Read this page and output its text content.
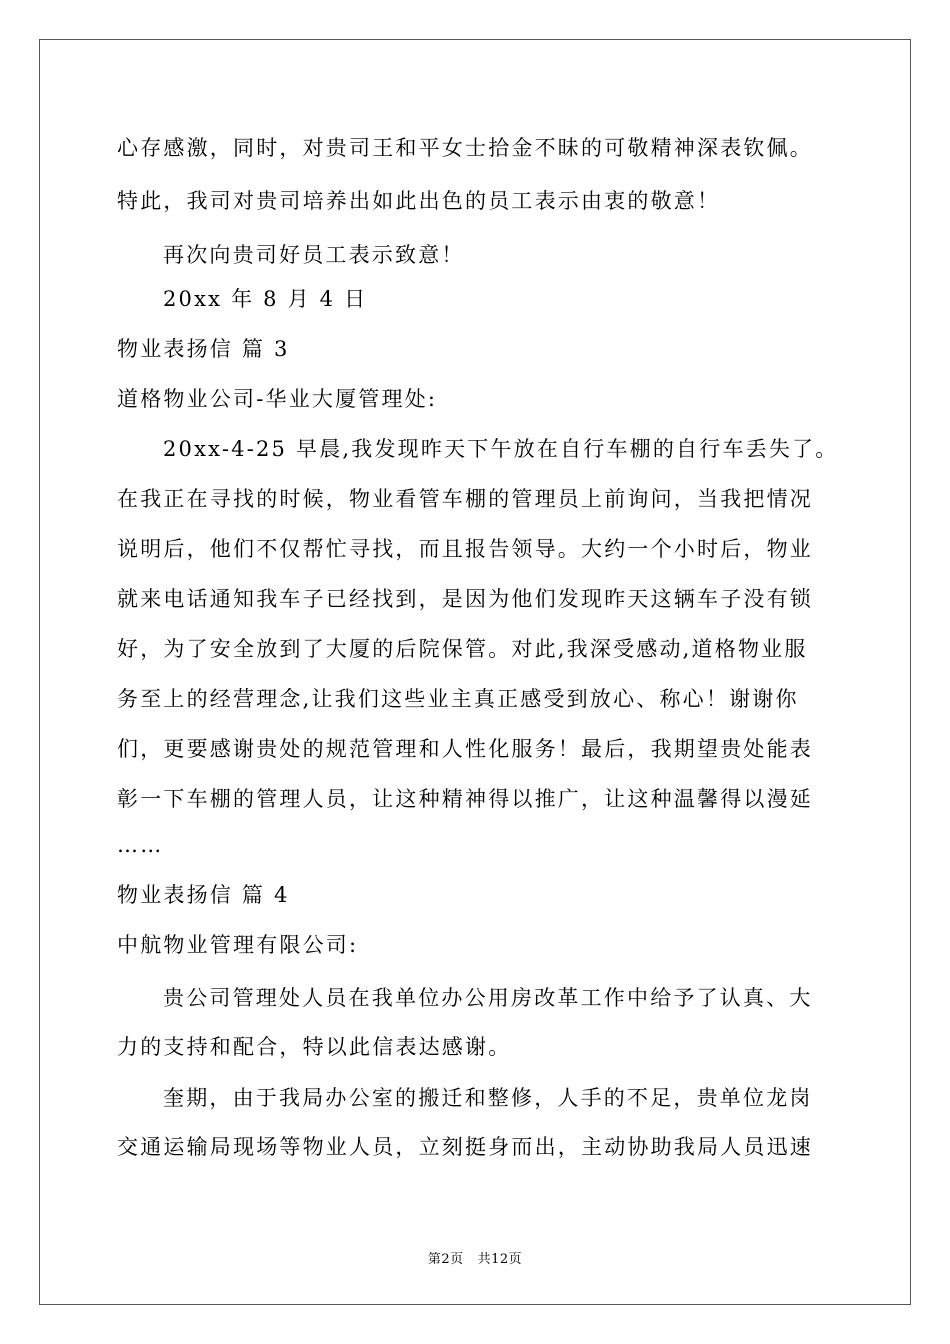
心存感激，同时，对贵司王和平女士拾金不昧的可敬精神深表钦佩。
特此，我司对贵司培养出如此出色的员工表示由衷的敬意！
再次向贵司好员工表示致意！
20xx 年 8 月 4 日
物业表扬信 篇 3
道格物业公司-华业大厦管理处:
20xx-4-25 早晨,我发现昨天下午放在自行车棚的自行车丢失了。
在我正在寻找的时候，物业看管车棚的管理员上前询问，当我把情况
说明后，他们不仅帮忙寻找，而且报告领导。大约一个小时后，物业
就来电话通知我车子已经找到，是因为他们发现昨天这辆车子没有锁
好，为了安全放到了大厦的后院保管。对此,我深受感动,道格物业服
务至上的经营理念,让我们这些业主真正感受到放心、称心！谢谢你
们，更要感谢贵处的规范管理和人性化服务！最后，我期望贵处能表
彰一下车棚的管理人员，让这种精神得以推广，让这种温馨得以漫延
……
物业表扬信 篇 4
中航物业管理有限公司:
贵公司管理处人员在我单位办公用房改革工作中给予了认真、大
力的支持和配合，特以此信表达感谢。
奎期，由于我局办公室的搬迁和整修，人手的不足，贵单位龙岗
交通运输局现场等物业人员，立刻挺身而出，主动协助我局人员迅速
第2页 共12页
